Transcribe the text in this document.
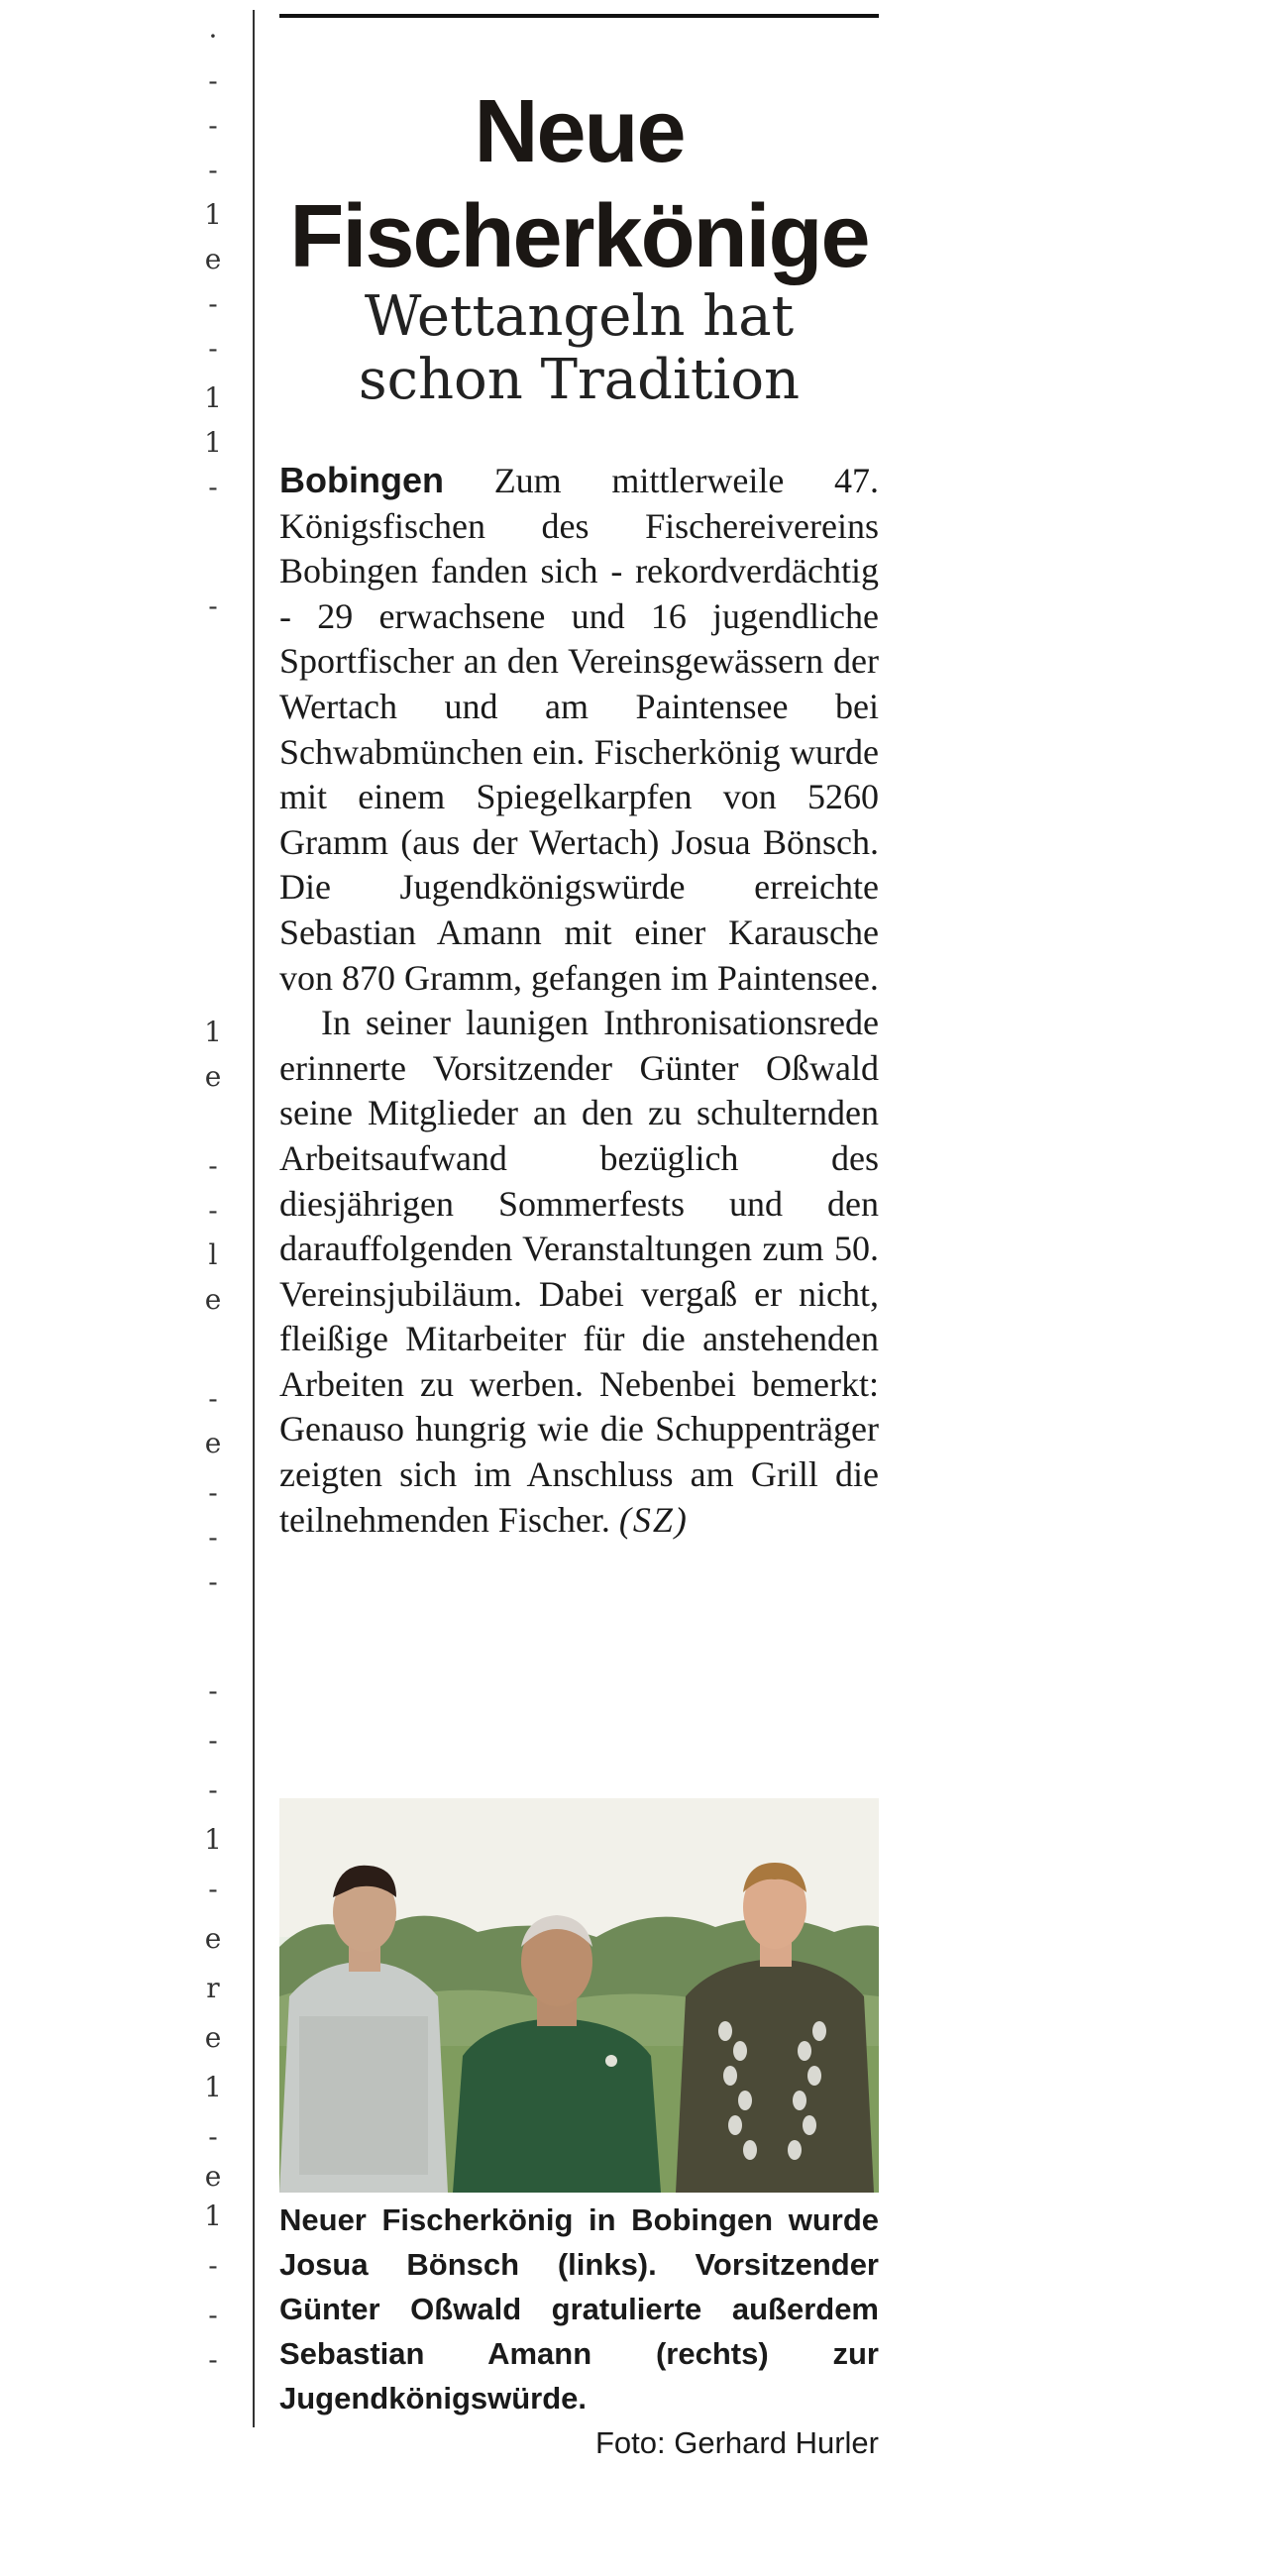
·
-
-
-
1
e
-
-
1
1
-
-
1
e
-
-
l
e
-
e
-
-
-
-
-
-
1
-
e
r
e
1
-
e
1
-
-
-
Neue Fischerkönige
Wettangeln hat schon Tradition

Bobingen Zum mittlerweile 47. Königsfischen des Fischereivereins Bobingen fanden sich - rekordverdächtig - 29 erwachsene und 16 jugendliche Sportfischer an den Vereinsgewässern der Wertach und am Paintensee bei Schwabmünchen ein. Fischerkönig wurde mit einem Spiegelkarpfen von 5260 Gramm (aus der Wertach) Josua Bönsch. Die Jugendkönigswürde erreichte Sebastian Amann mit einer Karausche von 870 Gramm, gefangen im Paintensee.

In seiner launigen Inthronisationsrede erinnerte Vorsitzender Günter Oßwald seine Mitglieder an den zu schulternden Arbeitsaufwand bezüglich des diesjährigen Sommerfests und den darauffolgenden Veranstaltungen zum 50. Vereinsjubiläum. Dabei vergaß er nicht, fleißige Mitarbeiter für die anstehenden Arbeiten zu werben. Nebenbei bemerkt: Genauso hungrig wie die Schuppenträger zeigten sich im Anschluss am Grill die teilnehmenden Fischer. (SZ)

Neuer Fischerkönig in Bobingen wurde Josua Bönsch (links). Vorsitzender Günter Oßwald gratulierte außerdem Sebastian Amann (rechts) zur Jugendkönigswürde.
Foto: Gerhard Hurler
